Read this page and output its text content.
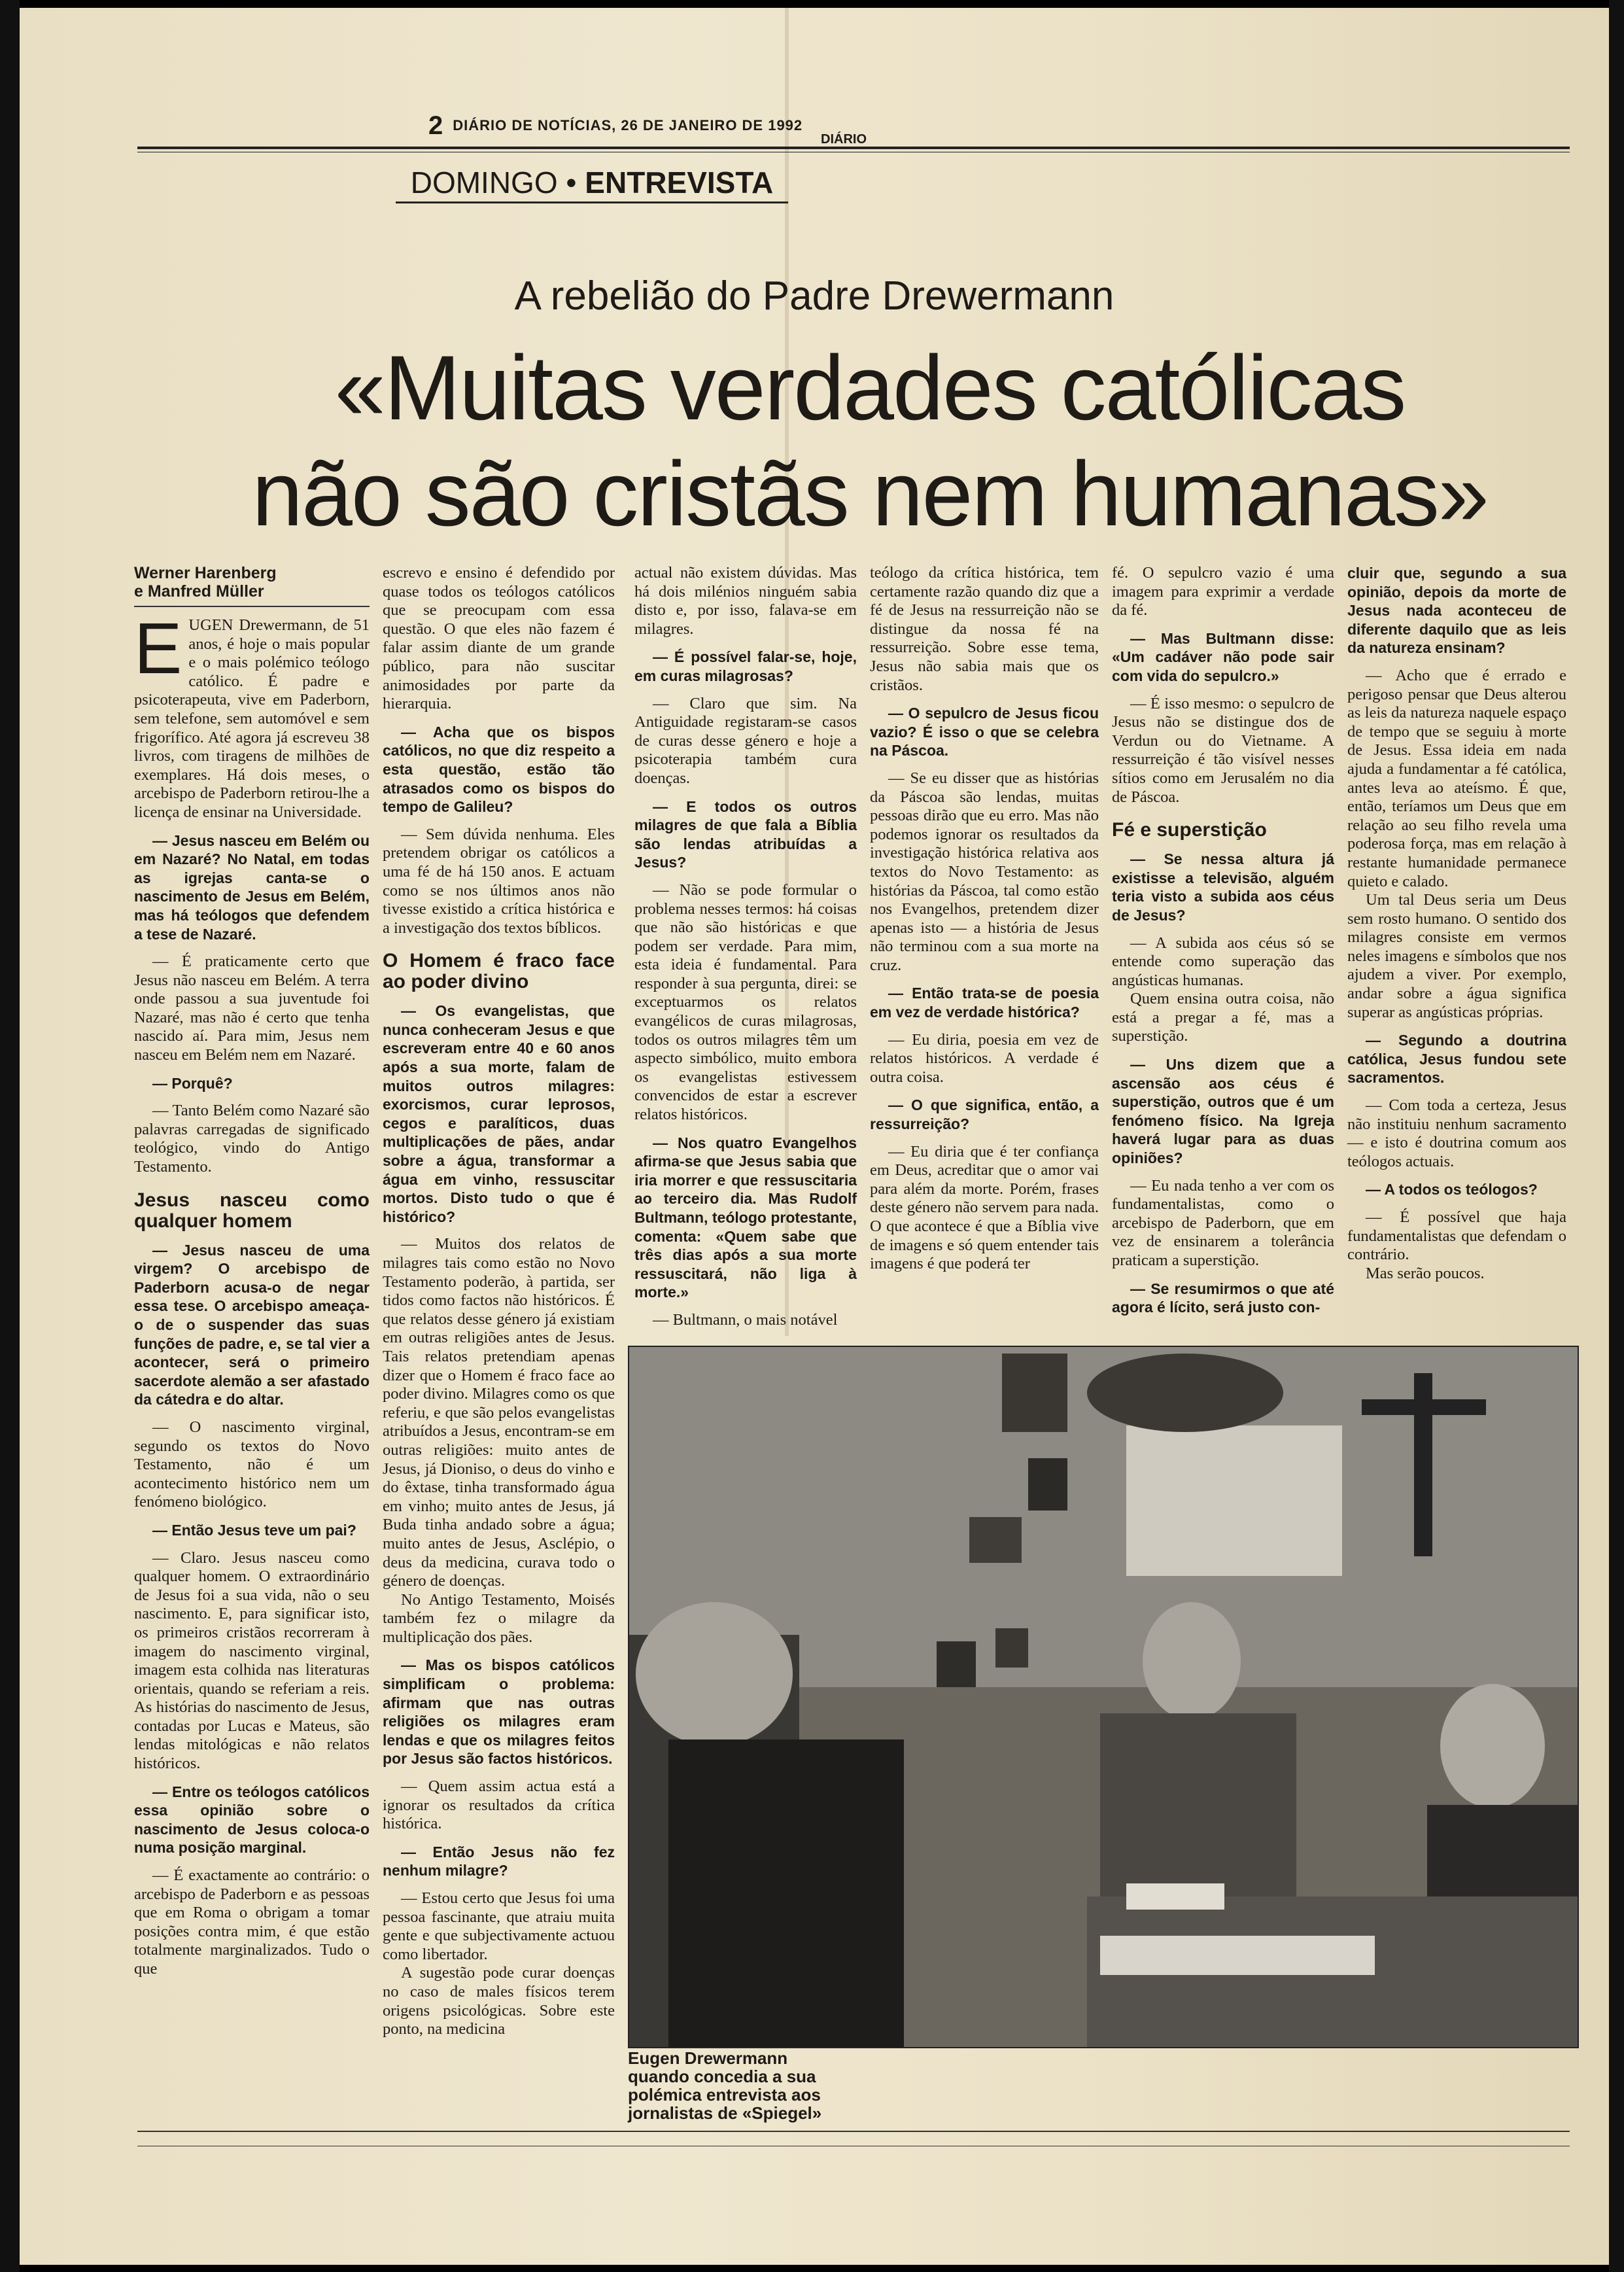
2 DIÁRIO DE NOTÍCIAS, 26 DE JANEIRO DE 1992
DIÁRIO
DOMINGO • ENTREVISTA
A rebelião do Padre Drewermann
«Muitas verdades católicas
não são cristãs nem humanas»
Werner Harenberg
e Manfred Müller
E UGEN Drewermann, de 51 anos, é hoje o mais popular e o mais polémico teólogo católico. É padre e psicoterapeuta, vive em Paderborn, sem telefone, sem automóvel e sem frigorífico. Até agora já escreveu 38 livros, com tiragens de milhões de exemplares. Há dois meses, o arcebispo de Paderborn retirou-lhe a licença de ensinar na Universidade.

— Jesus nasceu em Belém ou em Nazaré? No Natal, em todas as igrejas canta-se o nascimento de Jesus em Belém, mas há teólogos que defendem a tese de Nazaré.

— É praticamente certo que Jesus não nasceu em Belém. A terra onde passou a sua juventude foi Nazaré, mas não é certo que tenha nascido aí. Para mim, Jesus nem nasceu em Belém nem em Nazaré.

— Porquê?

— Tanto Belém como Nazaré são palavras carregadas de significado teológico, vindo do Antigo Testamento.

Jesus nasceu como qualquer homem

— Jesus nasceu de uma virgem? O arcebispo de Paderborn acusa-o de negar essa tese. O arcebispo ameaça-o de o suspender das suas funções de padre, e, se tal vier a acontecer, será o primeiro sacerdote alemão a ser afastado da cátedra e do altar.

— O nascimento virginal, segundo os textos do Novo Testamento, não é um acontecimento histórico nem um fenómeno biológico.

— Então Jesus teve um pai?

— Claro. Jesus nasceu como qualquer homem. O extraordinário de Jesus foi a sua vida, não o seu nascimento. E, para significar isto, os primeiros cristãos recorreram à imagem do nascimento virginal, imagem esta colhida nas literaturas orientais, quando se referiam a reis. As histórias do nascimento de Jesus, contadas por Lucas e Mateus, são lendas mitológicas e não relatos históricos.

— Entre os teólogos católicos essa opinião sobre o nascimento de Jesus coloca-o numa posição marginal.

— É exactamente ao contrário: o arcebispo de Paderborn e as pessoas que em Roma o obrigam a tomar posições contra mim, é que estão totalmente marginalizados. Tudo o que

escrevo e ensino é defendido por quase todos os teólogos católicos que se preocupam com essa questão. O que eles não fazem é falar assim diante de um grande público, para não suscitar animosidades por parte da hierarquia.

— Acha que os bispos católicos, no que diz respeito a esta questão, estão tão atrasados como os bispos do tempo de Galileu?

— Sem dúvida nenhuma. Eles pretendem obrigar os católicos a uma fé de há 150 anos. E actuam como se nos últimos anos não tivesse existido a crítica histórica e a investigação dos textos bíblicos.

O Homem é fraco face ao poder divino

— Os evangelistas, que nunca conheceram Jesus e que escreveram entre 40 e 60 anos após a sua morte, falam de muitos outros milagres: exorcismos, curar leprosos, cegos e paralíticos, duas multiplicações de pães, andar sobre a água, transformar a água em vinho, ressuscitar mortos. Disto tudo o que é histórico?

— Muitos dos relatos de milagres tais como estão no Novo Testamento poderão, à partida, ser tidos como factos não históricos. É que relatos desse género já existiam em outras religiões antes de Jesus. Tais relatos pretendiam apenas dizer que o Homem é fraco face ao poder divino. Milagres como os que referiu, e que são pelos evangelistas atribuídos a Jesus, encontram-se em outras religiões: muito antes de Jesus, já Dioniso, o deus do vinho e do êxtase, tinha transformado água em vinho; muito antes de Jesus, já Buda tinha andado sobre a água; muito antes de Jesus, Asclépio, o deus da medicina, curava todo o género de doenças.

No Antigo Testamento, Moisés também fez o milagre da multiplicação dos pães.

— Mas os bispos católicos simplificam o problema: afirmam que nas outras religiões os milagres eram lendas e que os milagres feitos por Jesus são factos históricos.

— Quem assim actua está a ignorar os resultados da crítica histórica.

— Então Jesus não fez nenhum milagre?

— Estou certo que Jesus foi uma pessoa fascinante, que atraiu muita gente e que subjectivamente actuou como libertador.

A sugestão pode curar doenças no caso de males físicos terem origens psicológicas. Sobre este ponto, na medicina

actual não existem dúvidas. Mas há dois milénios ninguém sabia disto e, por isso, falava-se em milagres.

— É possível falar-se, hoje, em curas milagrosas?

— Claro que sim. Na Antiguidade registaram-se casos de curas desse género e hoje a psicoterapia também cura doenças.

— E todos os outros milagres de que fala a Bíblia são lendas atribuídas a Jesus?

— Não se pode formular o problema nesses termos: há coisas que não são históricas e que podem ser verdade. Para mim, esta ideia é fundamental. Para responder à sua pergunta, direi: se exceptuarmos os relatos evangélicos de curas milagrosas, todos os outros milagres têm um aspecto simbólico, muito embora os evangelistas estivessem convencidos de estar a escrever relatos históricos.

— Nos quatro Evangelhos afirma-se que Jesus sabia que iria morrer e que ressuscitaria ao terceiro dia. Mas Rudolf Bultmann, teólogo protestante, comenta: «Quem sabe que três dias após a sua morte ressuscitará, não liga à morte.»

— Bultmann, o mais notável

teólogo da crítica histórica, tem certamente razão quando diz que a fé de Jesus na ressurreição não se distingue da nossa fé na ressurreição. Sobre esse tema, Jesus não sabia mais que os cristãos.

— O sepulcro de Jesus ficou vazio? É isso o que se celebra na Páscoa.

— Se eu disser que as histórias da Páscoa são lendas, muitas pessoas dirão que eu erro. Mas não podemos ignorar os resultados da investigação histórica relativa aos textos do Novo Testamento: as histórias da Páscoa, tal como estão nos Evangelhos, pretendem dizer apenas isto — a história de Jesus não terminou com a sua morte na cruz.

— Então trata-se de poesia em vez de verdade histórica?

— Eu diria, poesia em vez de relatos históricos. A verdade é outra coisa.

— O que significa, então, a ressurreição?

— Eu diria que é ter confiança em Deus, acreditar que o amor vai para além da morte. Porém, frases deste género não servem para nada. O que acontece é que a Bíblia vive de imagens e só quem entender tais imagens é que poderá ter

fé. O sepulcro vazio é uma imagem para exprimir a verdade da fé.

— Mas Bultmann disse: «Um cadáver não pode sair com vida do sepulcro.»

— É isso mesmo: o sepulcro de Jesus não se distingue dos de Verdun ou do Vietname. A ressurreição é tão visível nesses sítios como em Jerusalém no dia de Páscoa.

Fé e superstição

— Se nessa altura já existisse a televisão, alguém teria visto a subida aos céus de Jesus?

— A subida aos céus só se entende como superação das angústicas humanas.

Quem ensina outra coisa, não está a pregar a fé, mas a superstição.

— Uns dizem que a ascensão aos céus é superstição, outros que é um fenómeno físico. Na Igreja haverá lugar para as duas opiniões?

— Eu nada tenho a ver com os fundamentalistas, como o arcebispo de Paderborn, que em vez de ensinarem a tolerância praticam a superstição.

— Se resumirmos o que até agora é lícito, será justo con-

cluir que, segundo a sua opinião, depois da morte de Jesus nada aconteceu de diferente daquilo que as leis da natureza ensinam?

— Acho que é errado e perigoso pensar que Deus alterou as leis da natureza naquele espaço de tempo que se seguiu à morte de Jesus. Essa ideia em nada ajuda a fundamentar a fé católica, antes leva ao ateísmo. É que, então, teríamos um Deus que em relação ao seu filho revela uma poderosa força, mas em relação à restante humanidade permanece quieto e calado.

Um tal Deus seria um Deus sem rosto humano. O sentido dos milagres consiste em vermos neles imagens e símbolos que nos ajudem a viver. Por exemplo, andar sobre a água significa superar as angústicas próprias.

— Segundo a doutrina católica, Jesus fundou sete sacramentos.

— Com toda a certeza, Jesus não instituiu nenhum sacramento — e isto é doutrina comum aos teólogos actuais.

— A todos os teólogos?

— É possível que haja fundamentalistas que defendam o contrário.

Mas serão poucos.

Eugen Drewermann quando concedia a sua polémica entrevista aos jornalistas de «Spiegel»
